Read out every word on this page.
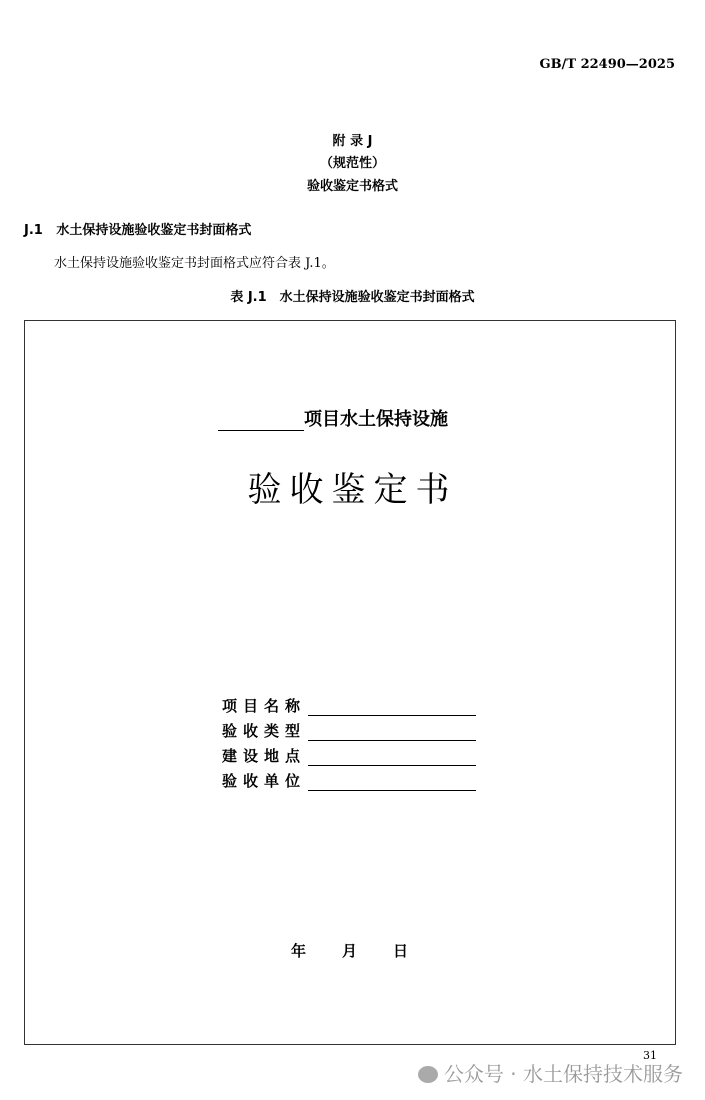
GB/T 22490—2025
附 录 J
（规范性）
验收鉴定书格式
J.1 水土保持设施验收鉴定书封面格式
水土保持设施验收鉴定书封面格式应符合表 J.1。
表 J.1　水土保持设施验收鉴定书封面格式
项目水土保持设施
验收鉴定书
项目名称
验收类型
建设地点
验收单位
年 月 日
31
公众号 · 水土保持技术服务
